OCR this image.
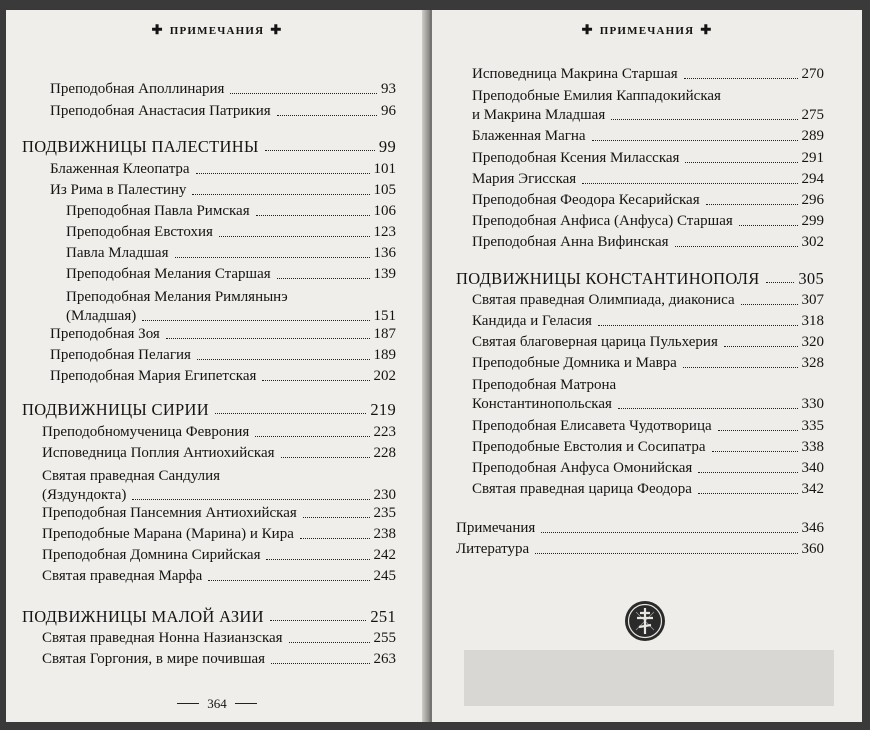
✚ ПРИМЕЧАНИЯ ✚
Преподобная Аполлинария	93
Преподобная Анастасия Патрикия	96
ПОДВИЖНИЦЫ ПАЛЕСТИНЫ	99
Блаженная Клеопатра	101
Из Рима в Палестину	105
Преподобная Павла Римская	106
Преподобная Евстохия	123
Павла Младшая	136
Преподобная Мелания Старшая	139
Преподобная Мелания Римлянынэ
(Младшая)	151
Преподобная Зоя	187
Преподобная Пелагия	189
Преподобная Мария Египетская	202
ПОДВИЖНИЦЫ СИРИИ	219
Преподобномученица Феврония	223
Исповедница Поплия Антиохийская	228
Святая праведная Сандулия
(Яздундокта)	230
Преподобная Пансемния Антиохийская	235
Преподобные Марана (Марина) и Кира	238
Преподобная Домнина Сирийская	242
Святая праведная Марфа	245
ПОДВИЖНИЦЫ МАЛОЙ АЗИИ	251
Святая праведная Нонна Назианзская	255
Святая Горгония, в мире почившая	263
364
✚ ПРИМЕЧАНИЯ ✚
Исповедница Макрина Старшая	270
Преподобные Емилия Каппадокийская
и Макрина Младшая	275
Блаженная Магна	289
Преподобная Ксения Миласская	291
Мария Эгисская	294
Преподобная Феодора Кесарийская	296
Преподобная Анфиса (Анфуса) Старшая	299
Преподобная Анна Вифинская	302
ПОДВИЖНИЦЫ КОНСТАНТИНОПОЛЯ 305
Святая праведная Олимпиада, диакониса	307
Кандида и Геласия	318
Святая благоверная царица Пульхерия	320
Преподобные Домника и Мавра	328
Преподобная Матрона
Константинопольская	330
Преподобная Елисавета Чудотворица	335
Преподобные Евстолия и Сосипатра	338
Преподобная Анфуса Омонийская	340
Святая праведная царица Феодора	342
Примечания	346
Литература	360
